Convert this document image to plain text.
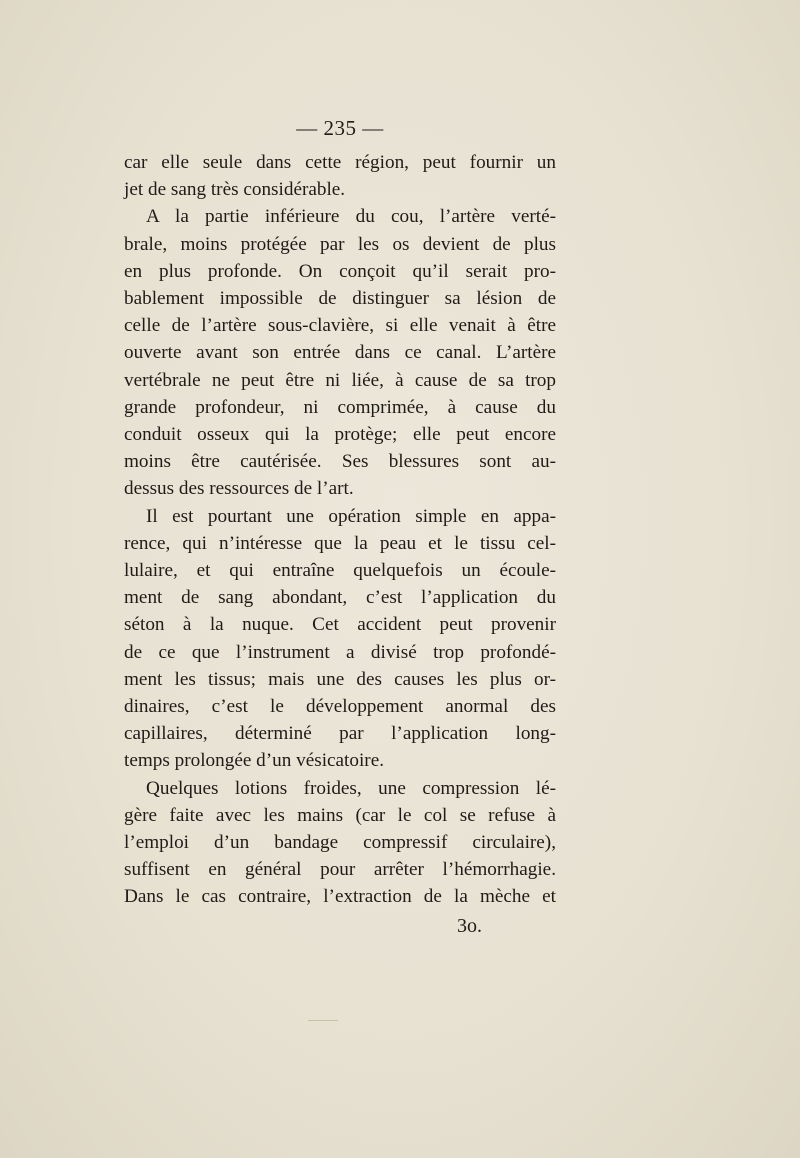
— 235 —

car elle seule dans cette région, peut fournir un

jet de sang très considérable.

A la partie inférieure du cou, l’artère verté-

brale, moins protégée par les os devient de plus

en plus profonde. On conçoit qu’il serait pro-

bablement impossible de distinguer sa lésion de

celle de l’artère sous-clavière, si elle venait à être

ouverte avant son entrée dans ce canal. L’artère

vertébrale ne peut être ni liée, à cause de sa trop

grande profondeur, ni comprimée, à cause du

conduit osseux qui la protège; elle peut encore

moins être cautérisée. Ses blessures sont au-

dessus des ressources de l’art.

Il est pourtant une opération simple en appa-

rence, qui n’intéresse que la peau et le tissu cel-

lulaire, et qui entraîne quelquefois un écoule-

ment de sang abondant, c’est l’application du

séton à la nuque. Cet accident peut provenir

de ce que l’instrument a divisé trop profondé-

ment les tissus; mais une des causes les plus or-

dinaires, c’est le développement anormal des

capillaires, déterminé par l’application long-

temps prolongée d’un vésicatoire.

Quelques lotions froides, une compression lé-

gère faite avec les mains (car le col se refuse à

l’emploi d’un bandage compressif circulaire),

suffisent en général pour arrêter l’hémorrhagie.

Dans le cas contraire, l’extraction de la mèche et

3o.
